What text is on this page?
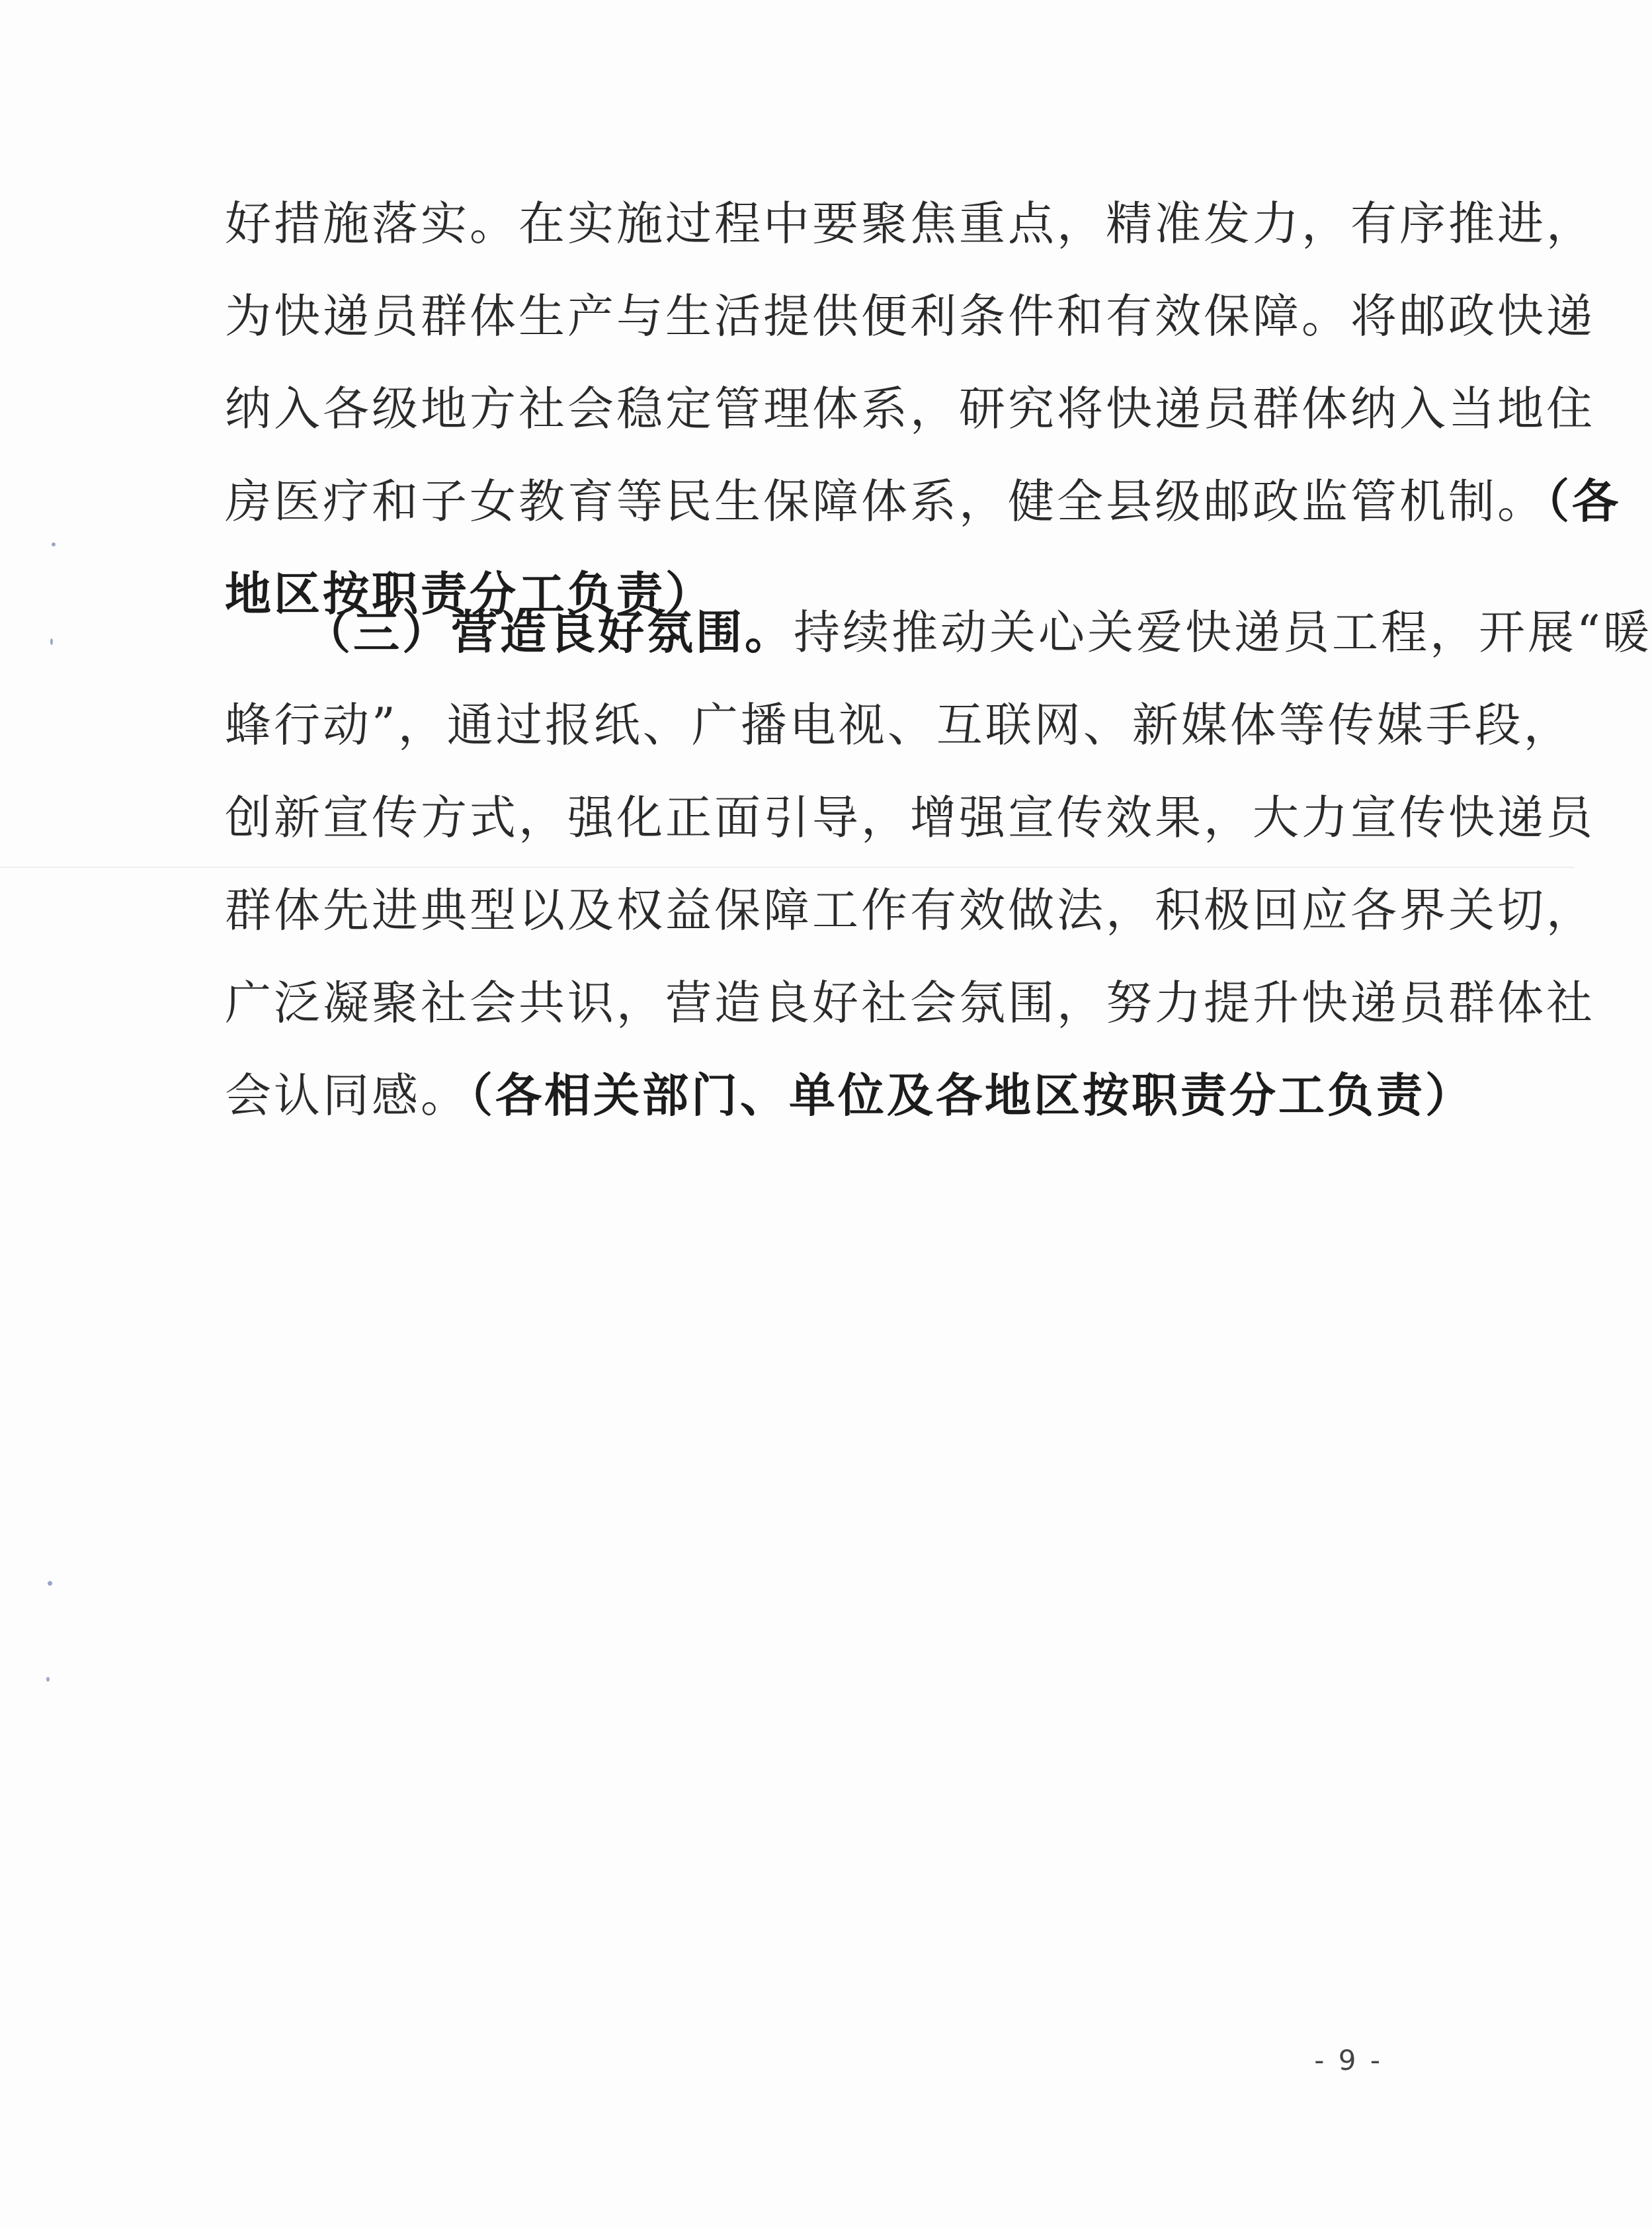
好措施落实。在实施过程中要聚焦重点，精准发力，有序推进，
为快递员群体生产与生活提供便利条件和有效保障。将邮政快递
纳入各级地方社会稳定管理体系，研究将快递员群体纳入当地住
房医疗和子女教育等民生保障体系，健全县级邮政监管机制。（各
地区按职责分工负责）
（三）营造良好氛围。持续推动关心关爱快递员工程，开展“暖
蜂行动”，通过报纸、广播电视、互联网、新媒体等传媒手段，
创新宣传方式，强化正面引导，增强宣传效果，大力宣传快递员
群体先进典型以及权益保障工作有效做法，积极回应各界关切，
广泛凝聚社会共识，营造良好社会氛围，努力提升快递员群体社
会认同感。（各相关部门、单位及各地区按职责分工负责）
- 9 -
